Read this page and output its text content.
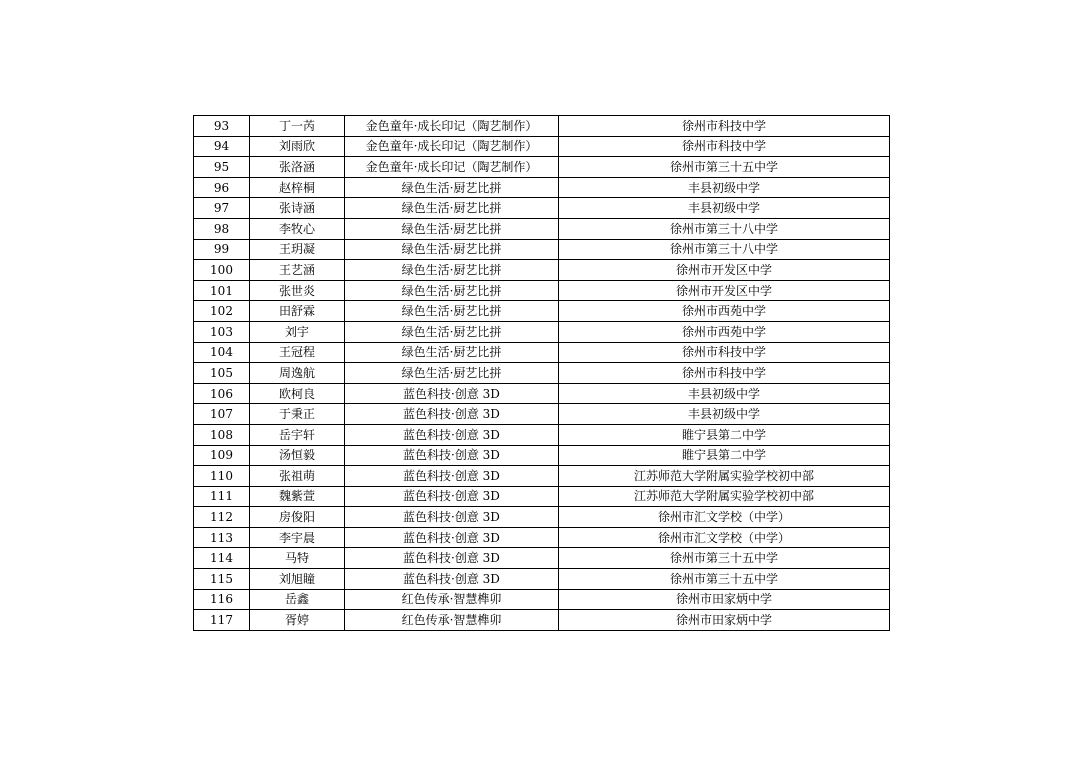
93	丁一芮	金色童年·成长印记（陶艺制作）	徐州市科技中学
94	刘雨欣	金色童年·成长印记（陶艺制作）	徐州市科技中学
95	张洛涵	金色童年·成长印记（陶艺制作）	徐州市第三十五中学
96	赵梓桐	绿色生活·厨艺比拼	丰县初级中学
97	张诗涵	绿色生活·厨艺比拼	丰县初级中学
98	李牧心	绿色生活·厨艺比拼	徐州市第三十八中学
99	王玥凝	绿色生活·厨艺比拼	徐州市第三十八中学
100	王艺涵	绿色生活·厨艺比拼	徐州市开发区中学
101	张世炎	绿色生活·厨艺比拼	徐州市开发区中学
102	田舒霖	绿色生活·厨艺比拼	徐州市西苑中学
103	刘宇	绿色生活·厨艺比拼	徐州市西苑中学
104	王冠程	绿色生活·厨艺比拼	徐州市科技中学
105	周逸航	绿色生活·厨艺比拼	徐州市科技中学
106	欧柯良	蓝色科技·创意 3D	丰县初级中学
107	于秉正	蓝色科技·创意 3D	丰县初级中学
108	岳宇轩	蓝色科技·创意 3D	睢宁县第二中学
109	汤恒毅	蓝色科技·创意 3D	睢宁县第二中学
110	张祖萌	蓝色科技·创意 3D	江苏师范大学附属实验学校初中部
111	魏紫萱	蓝色科技·创意 3D	江苏师范大学附属实验学校初中部
112	房俊阳	蓝色科技·创意 3D	徐州市汇文学校（中学）
113	李宇晨	蓝色科技·创意 3D	徐州市汇文学校（中学）
114	马特	蓝色科技·创意 3D	徐州市第三十五中学
115	刘旭瞳	蓝色科技·创意 3D	徐州市第三十五中学
116	岳鑫	红色传承·智慧榫卯	徐州市田家炳中学
117	胥婷	红色传承·智慧榫卯	徐州市田家炳中学
